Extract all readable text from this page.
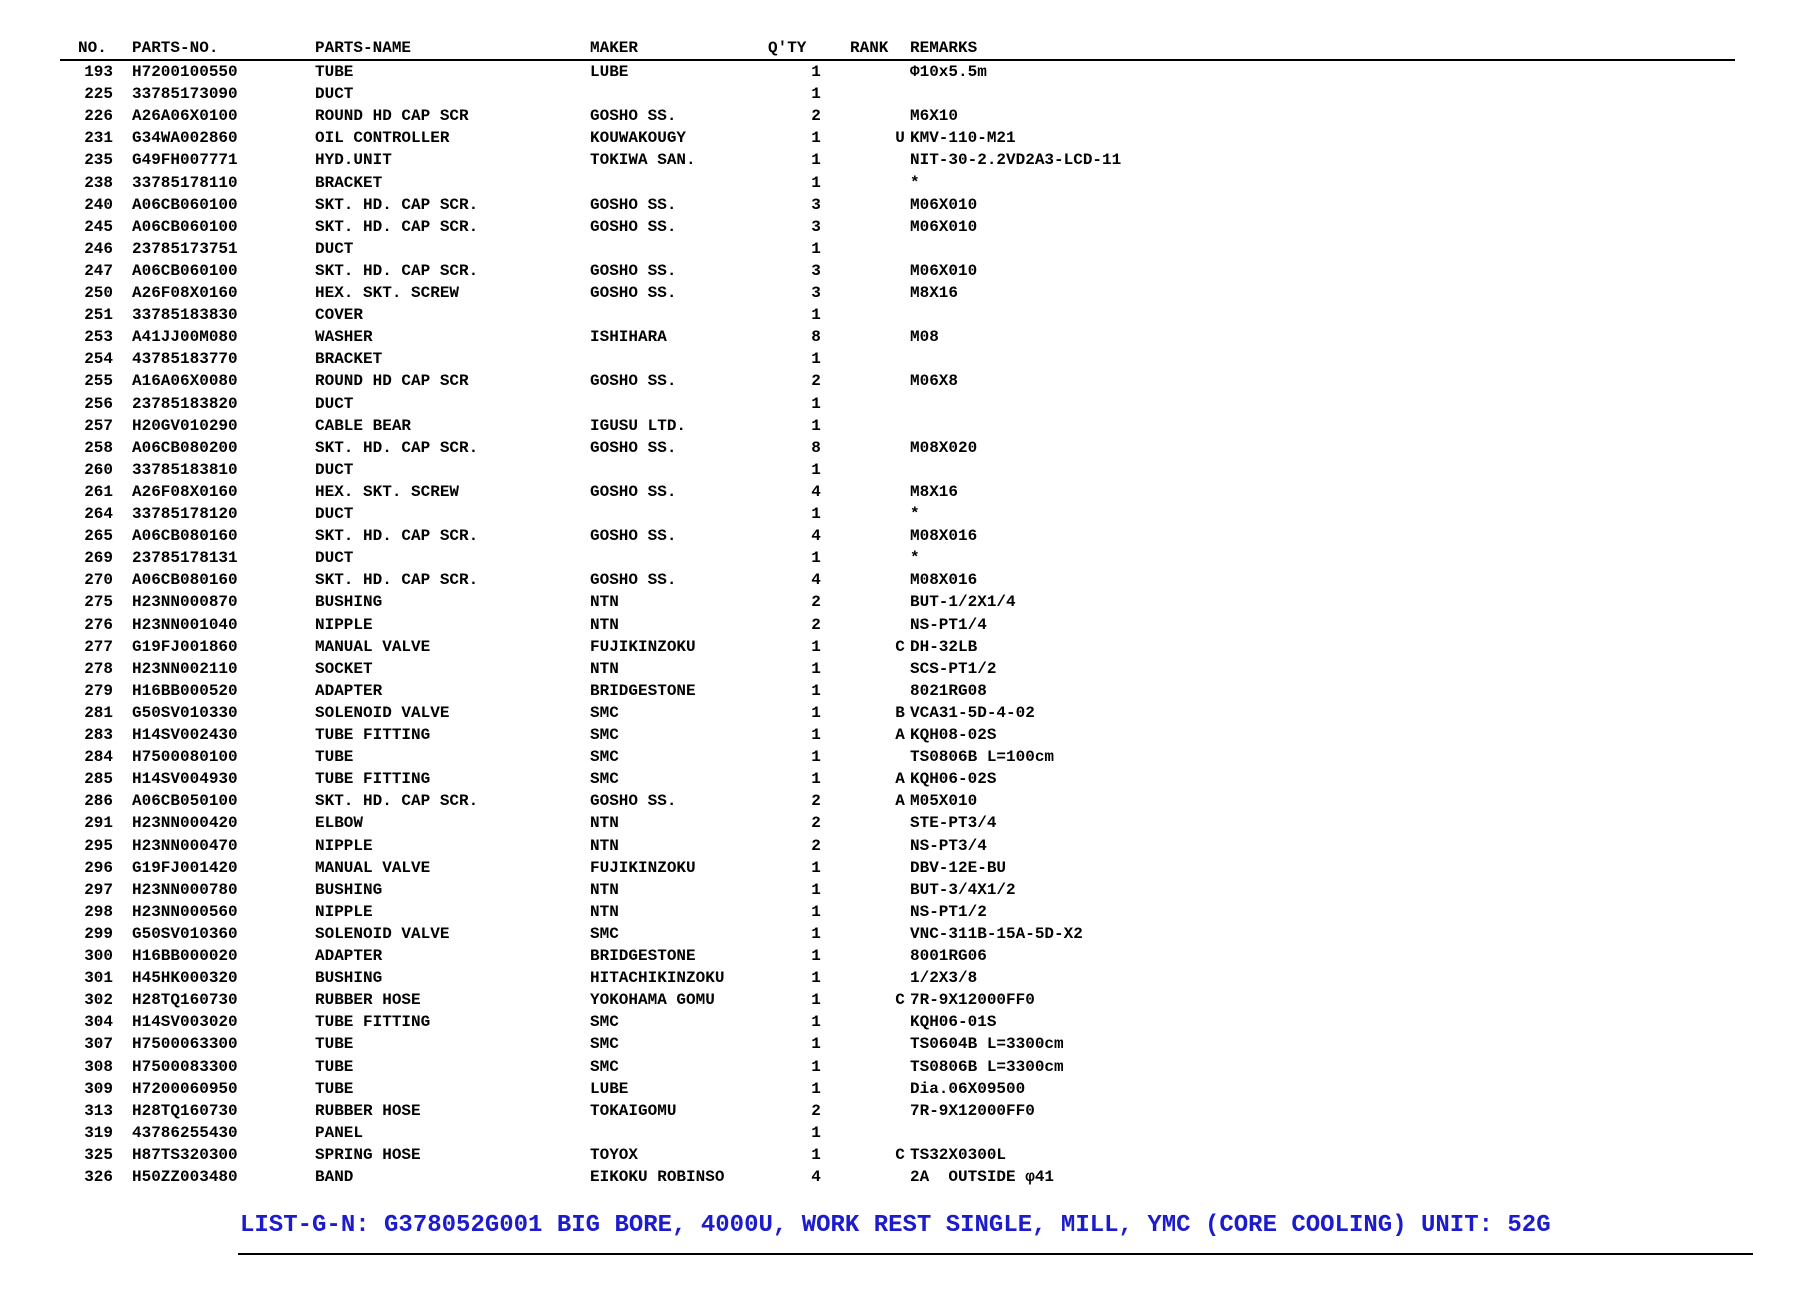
NO. PARTS-NO.	PARTS-NAME	MAKER	Q'TY	RANK REMARKS
193 H7200100550	TUBE	LUBE	1	Φ10x5.5m
225 33785173090	DUCT	1
226 A26A06X0100	ROUND HD CAP SCR	GOSHO SS.	2	M6X10
231 G34WA002860	OIL CONTROLLER	KOUWAKOUGY	1	U KMV-110-M21
235 G49FH007771	HYD.UNIT	TOKIWA SAN.	1	NIT-30-2.2VD2A3-LCD-11
238 33785178110	BRACKET	1	*
240 A06CB060100	SKT. HD. CAP SCR.	GOSHO SS.	3	M06X010
245 A06CB060100	SKT. HD. CAP SCR.	GOSHO SS.	3	M06X010
246 23785173751	DUCT	1
247 A06CB060100	SKT. HD. CAP SCR.	GOSHO SS.	3	M06X010
250 A26F08X0160	HEX. SKT. SCREW	GOSHO SS.	3	M8X16
251 33785183830	COVER	1
253 A41JJ00M080	WASHER	ISHIHARA	8	M08
254 43785183770	BRACKET	1
255 A16A06X0080	ROUND HD CAP SCR	GOSHO SS.	2	M06X8
256 23785183820	DUCT	1
257 H20GV010290	CABLE BEAR	IGUSU LTD.	1
258 A06CB080200	SKT. HD. CAP SCR.	GOSHO SS.	8	M08X020
260 33785183810	DUCT	1
261 A26F08X0160	HEX. SKT. SCREW	GOSHO SS.	4	M8X16
264 33785178120	DUCT	1	*
265 A06CB080160	SKT. HD. CAP SCR.	GOSHO SS.	4	M08X016
269 23785178131	DUCT	1	*
270 A06CB080160	SKT. HD. CAP SCR.	GOSHO SS.	4	M08X016
275 H23NN000870	BUSHING	NTN	2	BUT-1/2X1/4
276 H23NN001040	NIPPLE	NTN	2	NS-PT1/4
277 G19FJ001860	MANUAL VALVE	FUJIKINZOKU	1	C DH-32LB
278 H23NN002110	SOCKET	NTN	1	SCS-PT1/2
279 H16BB000520	ADAPTER	BRIDGESTONE	1	8021RG08
281 G50SV010330	SOLENOID VALVE	SMC	1	B VCA31-5D-4-02
283 H14SV002430	TUBE FITTING	SMC	1	A KQH08-02S
284 H7500080100	TUBE	SMC	1	TS0806B L=100cm
285 H14SV004930	TUBE FITTING	SMC	1	A KQH06-02S
286 A06CB050100	SKT. HD. CAP SCR.	GOSHO SS.	2	A M05X010
291 H23NN000420	ELBOW	NTN	2	STE-PT3/4
295 H23NN000470	NIPPLE	NTN	2	NS-PT3/4
296 G19FJ001420	MANUAL VALVE	FUJIKINZOKU	1	DBV-12E-BU
297 H23NN000780	BUSHING	NTN	1	BUT-3/4X1/2
298 H23NN000560	NIPPLE	NTN	1	NS-PT1/2
299 G50SV010360	SOLENOID VALVE	SMC	1	VNC-311B-15A-5D-X2
300 H16BB000020	ADAPTER	BRIDGESTONE	1	8001RG06
301 H45HK000320	BUSHING	HITACHIKINZOKU	1	1/2X3/8
302 H28TQ160730	RUBBER HOSE	YOKOHAMA GOMU	1	C 7R-9X12000FF0
304 H14SV003020	TUBE FITTING	SMC	1	KQH06-01S
307 H7500063300	TUBE	SMC	1	TS0604B L=3300cm
308 H7500083300	TUBE	SMC	1	TS0806B L=3300cm
309 H7200060950	TUBE	LUBE	1	Dia.06X09500
313 H28TQ160730	RUBBER HOSE	TOKAIGOMU	2	7R-9X12000FF0
319 43786255430	PANEL	1
325 H87TS320300	SPRING HOSE	TOYOX	1	C TS32X0300L
326 H50ZZ003480	BAND	EIKOKU ROBINSO	4	2A  OUTSIDE φ41
LIST-G-N: G378052G001 BIG BORE, 4000U, WORK REST SINGLE, MILL, YMC (CORE COOLING) UNIT: 52G
